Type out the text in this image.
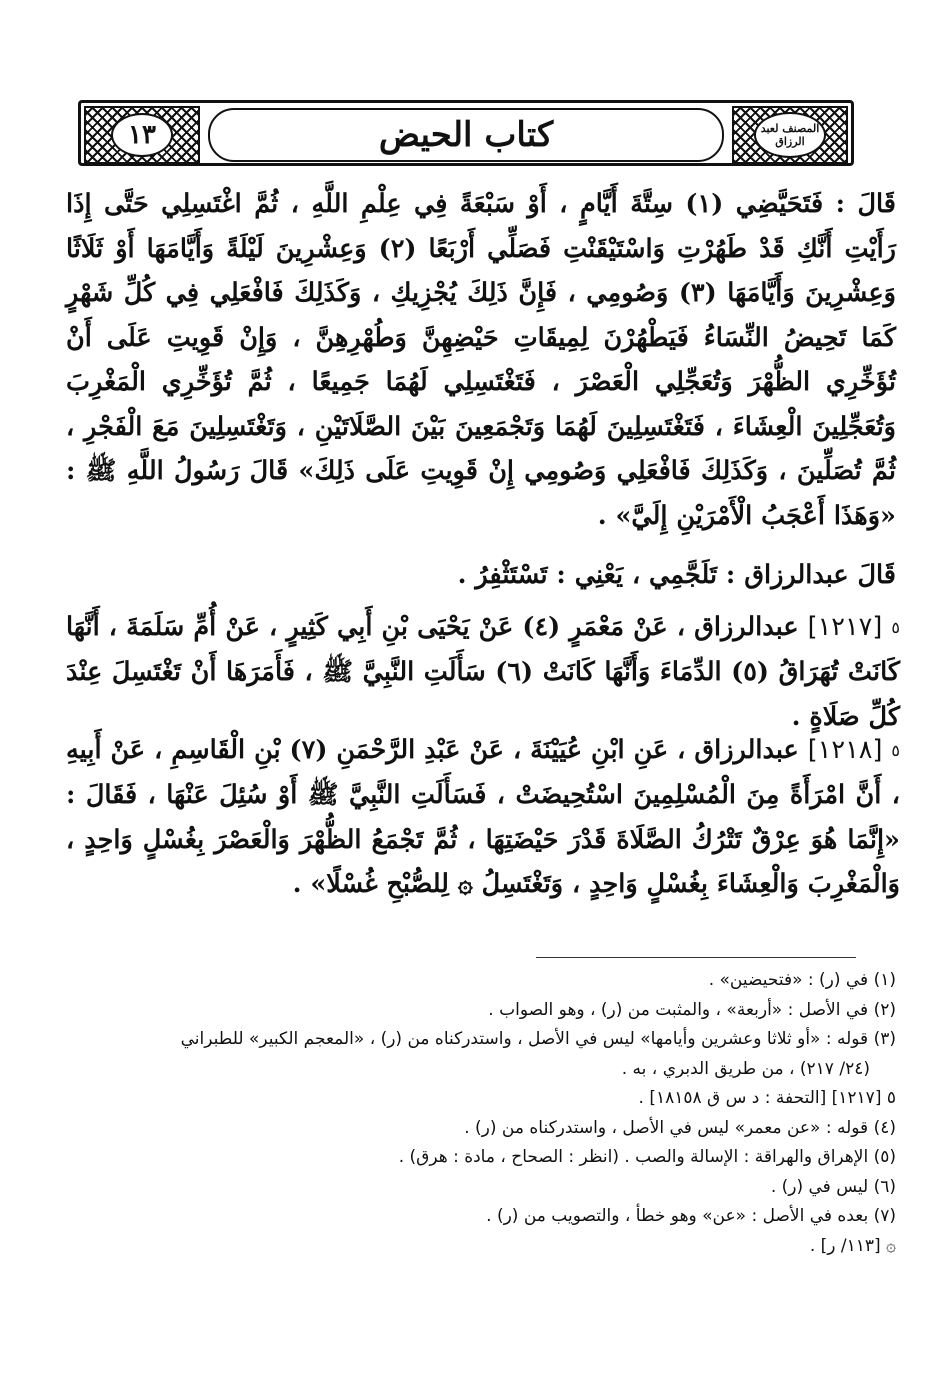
١٣	كتاب الحيض	المصنف لعبد الرزاق

قَالَ : فَتَحَيَّضِي (١) سِتَّةَ أَيَّامٍ ، أَوْ سَبْعَةً فِي عِلْمِ اللَّهِ ، ثُمَّ اغْتَسِلِي حَتَّى إِذَا رَأَيْتِ أَنَّكِ قَدْ طَهُرْتِ وَاسْتَيْقَنْتِ فَصَلِّي أَرْبَعًا (٢) وَعِشْرِينَ لَيْلَةً وَأَيَّامَهَا أَوْ ثَلَاثًا وَعِشْرِينَ وَأَيَّامَهَا (٣) وَصُومِي ، فَإِنَّ ذَلِكَ يُجْزِيكِ ، وَكَذَلِكَ فَافْعَلِي فِي كُلِّ شَهْرٍ كَمَا تَحِيضُ النِّسَاءُ فَيَطْهُرْنَ لِمِيقَاتِ حَيْضِهِنَّ وَطُهْرِهِنَّ ، وَإِنْ قَوِيتِ عَلَى أَنْ تُؤَخِّرِي الظُّهْرَ وَتُعَجِّلِي الْعَصْرَ ، فَتَغْتَسِلِي لَهُمَا جَمِيعًا ، ثُمَّ تُؤَخِّرِي الْمَغْرِبَ وَتُعَجِّلِينَ الْعِشَاءَ ، فَتَغْتَسِلِينَ لَهُمَا وَتَجْمَعِينَ بَيْنَ الصَّلَاتَيْنِ ، وَتَغْتَسِلِينَ مَعَ الْفَجْرِ ، ثُمَّ تُصَلِّينَ ، وَكَذَلِكَ فَافْعَلِي وَصُومِي إِنْ قَوِيتِ عَلَى ذَلِكَ» قَالَ رَسُولُ اللَّهِ ﷺ : «وَهَذَا أَعْجَبُ الْأَمْرَيْنِ إِلَيَّ» .

قَالَ عبدالرزاق : تَلَجَّمِي ، يَعْنِي : تَسْتَثْفِرُ .
٥ [١٢١٧] عبدالرزاق ، عَنْ مَعْمَرٍ (٤) عَنْ يَحْيَى بْنِ أَبِي كَثِيرٍ ، عَنْ أُمِّ سَلَمَةَ ، أَنَّهَا كَانَتْ تُهَرَاقُ (٥) الدِّمَاءَ وَأَنَّهَا كَانَتْ (٦) سَأَلَتِ النَّبِيَّ ﷺ ، فَأَمَرَهَا أَنْ تَغْتَسِلَ عِنْدَ كُلِّ صَلَاةٍ .
٥ [١٢١٨] عبدالرزاق ، عَنِ ابْنِ عُيَيْنَةَ ، عَنْ عَبْدِ الرَّحْمَنِ (٧) بْنِ الْقَاسِمِ ، عَنْ أَبِيهِ ، أَنَّ امْرَأَةً مِنَ الْمُسْلِمِينَ اسْتُحِيضَتْ ، فَسَأَلَتِ النَّبِيَّ ﷺ أَوْ سُئِلَ عَنْهَا ، فَقَالَ : «إِنَّمَا هُوَ عِرْقٌ تَتْرُكُ الصَّلَاةَ قَدْرَ حَيْضَتِهَا ، ثُمَّ تَجْمَعُ الظُّهْرَ وَالْعَصْرَ بِغُسْلٍ وَاحِدٍ ، وَالْمَغْرِبَ وَالْعِشَاءَ بِغُسْلٍ وَاحِدٍ ، وَتَغْتَسِلُ ۞ لِلصُّبْحِ غُسْلًا» .
(١) في (ر) : «فتحيضين» .
(٢) في الأصل : «أربعة» ، والمثبت من (ر) ، وهو الصواب .
(٣) قوله : «أو ثلاثا وعشرين وأيامها» ليس في الأصل ، واستدركناه من (ر) ، «المعجم الكبير» للطبراني
(٢٤/ ٢١٧) ، من طريق الدبري ، به .
٥ [١٢١٧] [التحفة : د س ق ١٨١٥٨] .
(٤) قوله : «عن معمر» ليس في الأصل ، واستدركناه من (ر) .
(٥) الإهراق والهراقة : الإسالة والصب . (انظر : الصحاح ، مادة : هرق) .
(٦) ليس في (ر) .
(٧) بعده في الأصل : «عن» وهو خطأ ، والتصويب من (ر) .
۞ [١١٣/ ر] .
